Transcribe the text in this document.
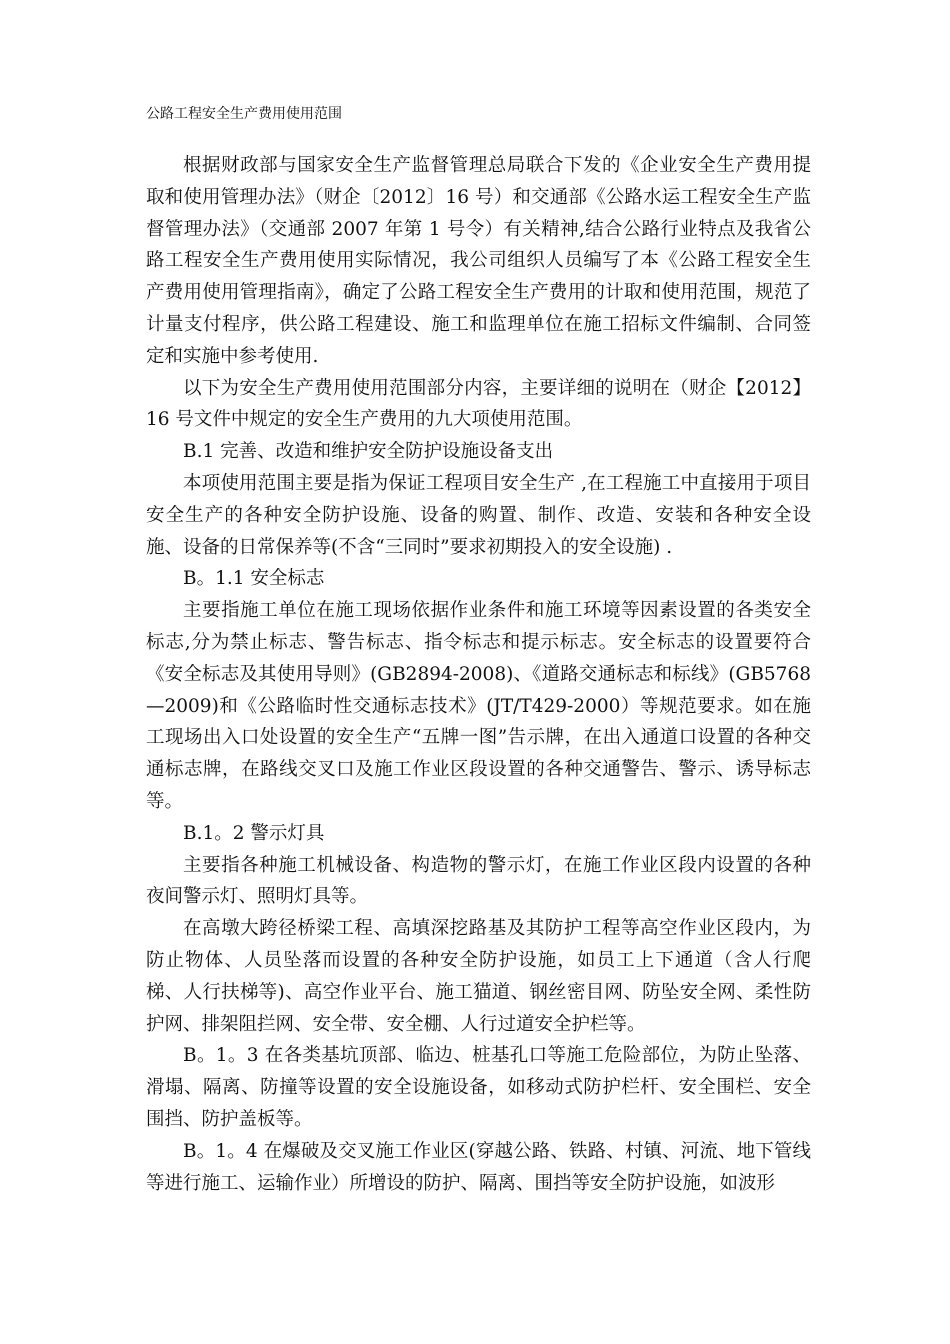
公路工程安全生产费用使用范围

根据财政部与国家安全生产监督管理总局联合下发的《企业安全生产费用提取和使用管理办法》（财企〔2012〕16 号）和交通部《公路水运工程安全生产监督管理办法》（交通部 2007 年第 1 号令）有关精神,结合公路行业特点及我省公路工程安全生产费用使用实际情况，我公司组织人员编写了本《公路工程安全生产费用使用管理指南》，确定了公路工程安全生产费用的计取和使用范围，规范了计量支付程序，供公路工程建设、施工和监理单位在施工招标文件编制、合同签定和实施中参考使用.

以下为安全生产费用使用范围部分内容，主要详细的说明在（财企【2012】16 号文件中规定的安全生产费用的九大项使用范围。

B.1 完善、改造和维护安全防护设施设备支出

本项使用范围主要是指为保证工程项目安全生产 ,在工程施工中直接用于项目安全生产的各种安全防护设施、设备的购置、制作、改造、安装和各种安全设施、设备的日常保养等(不含“三同时”要求初期投入的安全设施) .

B。1.1 安全标志

主要指施工单位在施工现场依据作业条件和施工环境等因素设置的各类安全标志,分为禁止标志、警告标志、指令标志和提示标志。安全标志的设置要符合《安全标志及其使用导则》(GB2894-2008)、《道路交通标志和标线》(GB5768—2009)和《公路临时性交通标志技术》(JT/T429-2000）等规范要求。如在施工现场出入口处设置的安全生产“五牌一图”告示牌，在出入通道口设置的各种交通标志牌，在路线交叉口及施工作业区段设置的各种交通警告、警示、诱导标志等。

B.1。2 警示灯具

主要指各种施工机械设备、构造物的警示灯，在施工作业区段内设置的各种夜间警示灯、照明灯具等。

在高墩大跨径桥梁工程、高填深挖路基及其防护工程等高空作业区段内，为防止物体、人员坠落而设置的各种安全防护设施，如员工上下通道（含人行爬梯、人行扶梯等)、高空作业平台、施工猫道、钢丝密目网、防坠安全网、柔性防护网、排架阻拦网、安全带、安全棚、人行过道安全护栏等。

B。1。3 在各类基坑顶部、临边、桩基孔口等施工危险部位，为防止坠落、滑塌、隔离、防撞等设置的安全设施设备，如移动式防护栏杆、安全围栏、安全围挡、防护盖板等。

B。1。4 在爆破及交叉施工作业区(穿越公路、铁路、村镇、河流、地下管线等进行施工、运输作业）所增设的防护、隔离、围挡等安全防护设施，如波形
